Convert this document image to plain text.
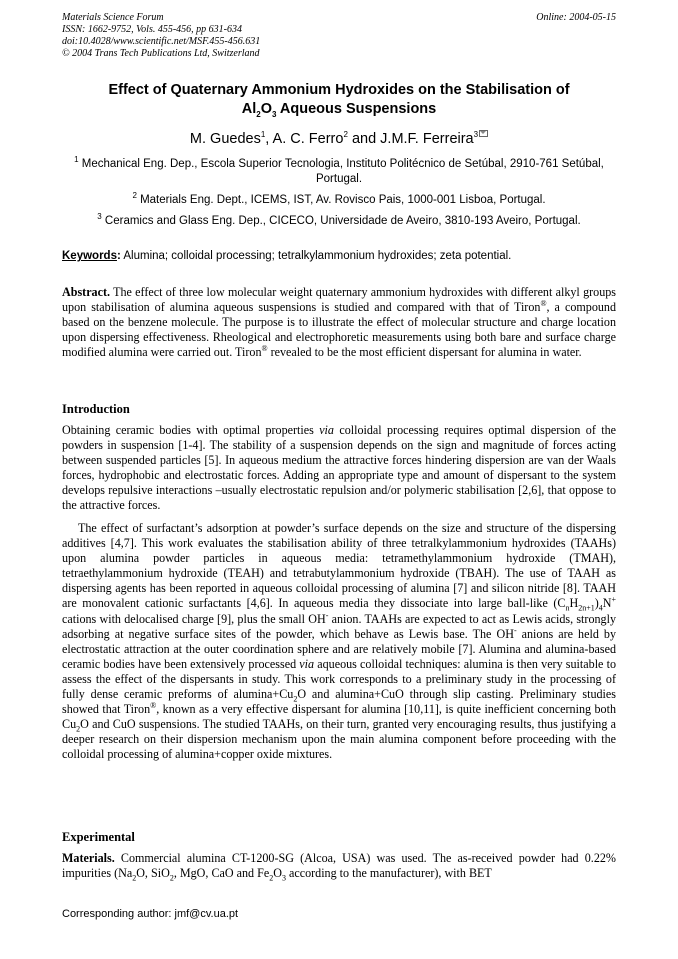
Materials Science Forum
ISSN: 1662-9752, Vols. 455-456, pp 631-634
doi:10.4028/www.scientific.net/MSF.455-456.631
© 2004 Trans Tech Publications Ltd, Switzerland
Online: 2004-05-15
Effect of Quaternary Ammonium Hydroxides on the Stabilisation of
$Al_2O_3$ Aqueous Suspensions
M. Guedes$^1$, A. C. Ferro$^2$ and J.M.F. Ferreira$^3$
$^1$ Mechanical Eng. Dep., Escola Superior Tecnologia, Instituto Politécnico de Setúbal, 2910-761 Setúbal, Portugal.
$^2$ Materials Eng. Dept., ICEMS, IST, Av. Rovisco Pais, 1000-001 Lisboa, Portugal.
$^3$ Ceramics and Glass Eng. Dep., CICECO, Universidade de Aveiro, 3810-193 Aveiro, Portugal.
Keywords: Alumina; colloidal processing; tetralkylammonium hydroxides; zeta potential.
Abstract. The effect of three low molecular weight quaternary ammonium hydroxides with different alkyl groups upon stabilisation of alumina aqueous suspensions is studied and compared with that of Tiron®, a compound based on the benzene molecule. The purpose is to illustrate the effect of molecular structure and charge location upon dispersing effectiveness. Rheological and electrophoretic measurements using both bare and surface charge modified alumina were carried out. Tiron® revealed to be the most efficient dispersant for alumina in water.
Introduction
Obtaining ceramic bodies with optimal properties via colloidal processing requires optimal dispersion of the powders in suspension [1-4]. The stability of a suspension depends on the sign and magnitude of forces acting between suspended particles [5]. In aqueous medium the attractive forces hindering dispersion are van der Waals forces, hydrophobic and electrostatic forces. Adding an appropriate type and amount of dispersant to the system develops repulsive interactions –usually electrostatic repulsion and/or polymeric stabilisation [2,6], that oppose to the attractive forces.
The effect of surfactant’s adsorption at powder’s surface depends on the size and structure of the dispersing additives [4,7]. This work evaluates the stabilisation ability of three tetralkylammonium hydroxides (TAAHs) upon alumina powder particles in aqueous media: tetramethylammonium hydroxide (TMAH), tetraethylammonium hydroxide (TEAH) and tetrabutylammonium hydroxide (TBAH). The use of TAAH as dispersing agents has been reported in aqueous colloidal processing of alumina [7] and silicon nitride [8]. TAAH are monovalent cationic surfactants [4,6]. In aqueous media they dissociate into large ball-like $(C_nH_{2n+1})_4N^+$ cations with delocalised charge [9], plus the small OH- anion. TAAHs are expected to act as Lewis acids, strongly adsorbing at negative surface sites of the powder, which behave as Lewis base. The OH- anions are held by electrostatic attraction at the outer coordination sphere and are relatively mobile [7]. Alumina and alumina-based ceramic bodies have been extensively processed via aqueous colloidal techniques: alumina is then very suitable to assess the effect of the dispersants in study. This work corresponds to a preliminary study in the processing of fully dense ceramic preforms of $alumina+Cu_2O$ and alumina+CuO through slip casting. Preliminary studies showed that Tiron®, known as a very effective dispersant for alumina [10,11], is quite inefficient concerning both $Cu_2O$ and CuO suspensions. The studied TAAHs, on their turn, granted very encouraging results, thus justifying a deeper research on their dispersion mechanism upon the main alumina component before proceeding with the colloidal processing of alumina+copper oxide mixtures.
Experimental
Materials. Commercial alumina CT-1200-SG (Alcoa, USA) was used. The as-received powder had 0.22% impurities ($Na_2O$, SiO$_2$, MgO, CaO and $Fe_2O_3$ according to the manufacturer), with BET
Corresponding author: jmf@cv.ua.pt
